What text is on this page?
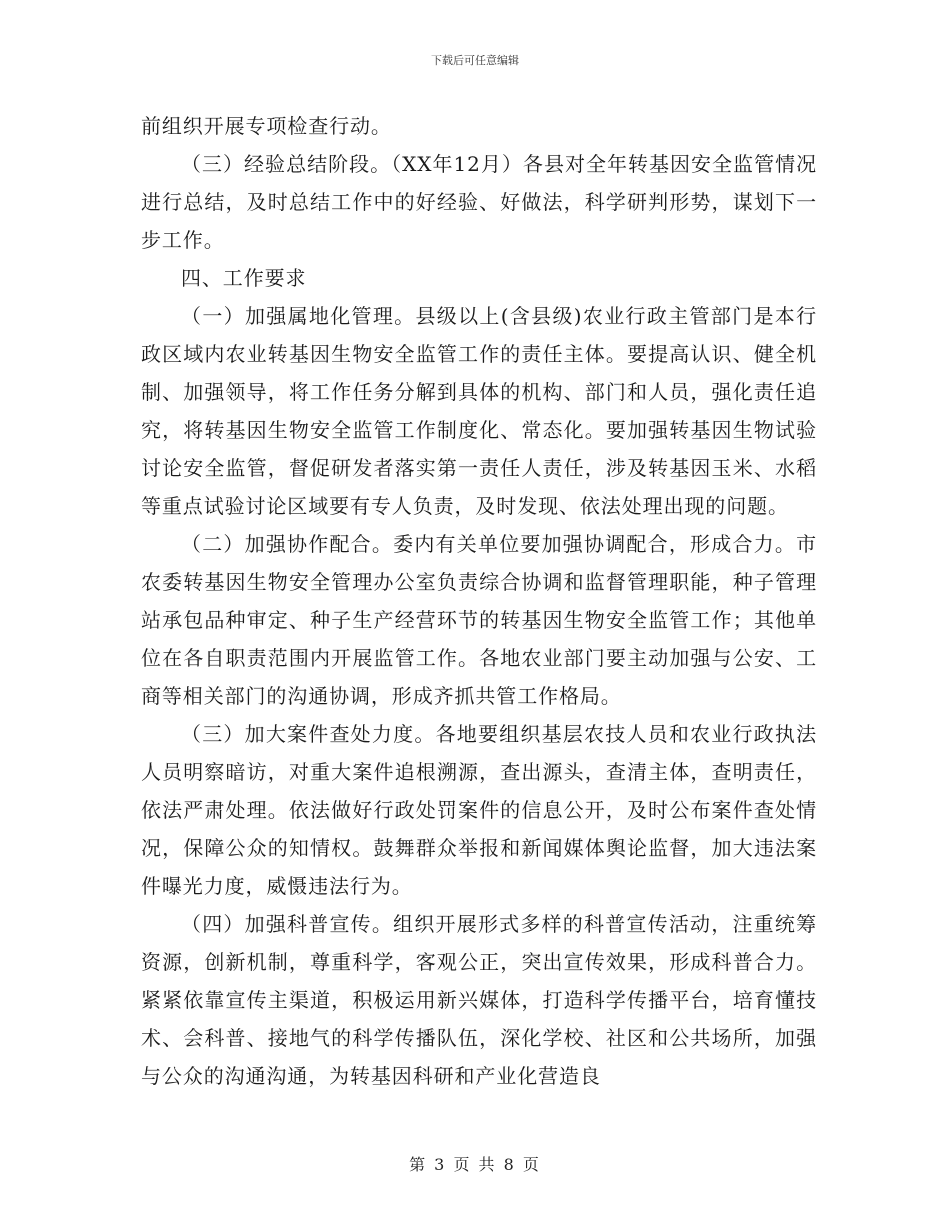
下载后可任意编辑

前组织开展专项检查行动。

（三）经验总结阶段。（XX年12月）各县对全年转基因安全监管情况进行总结，及时总结工作中的好经验、好做法，科学研判形势，谋划下一步工作。

四、工作要求

（一）加强属地化管理。县级以上(含县级)农业行政主管部门是本行政区域内农业转基因生物安全监管工作的责任主体。要提高认识、健全机制、加强领导，将工作任务分解到具体的机构、部门和人员，强化责任追究，将转基因生物安全监管工作制度化、常态化。要加强转基因生物试验讨论安全监管，督促研发者落实第一责任人责任，涉及转基因玉米、水稻等重点试验讨论区域要有专人负责，及时发现、依法处理出现的问题。

（二）加强协作配合。委内有关单位要加强协调配合，形成合力。市农委转基因生物安全管理办公室负责综合协调和监督管理职能，种子管理站承包品种审定、种子生产经营环节的转基因生物安全监管工作；其他单位在各自职责范围内开展监管工作。各地农业部门要主动加强与公安、工商等相关部门的沟通协调，形成齐抓共管工作格局。

（三）加大案件查处力度。各地要组织基层农技人员和农业行政执法人员明察暗访，对重大案件追根溯源，查出源头，查清主体，查明责任，依法严肃处理。依法做好行政处罚案件的信息公开，及时公布案件查处情况，保障公众的知情权。鼓舞群众举报和新闻媒体舆论监督，加大违法案件曝光力度，威慑违法行为。

（四）加强科普宣传。组织开展形式多样的科普宣传活动，注重统筹资源，创新机制，尊重科学，客观公正，突出宣传效果，形成科普合力。紧紧依靠宣传主渠道，积极运用新兴媒体，打造科学传播平台，培育懂技术、会科普、接地气的科学传播队伍，深化学校、社区和公共场所，加强与公众的沟通沟通，为转基因科研和产业化营造良

第 3 页 共 8 页
